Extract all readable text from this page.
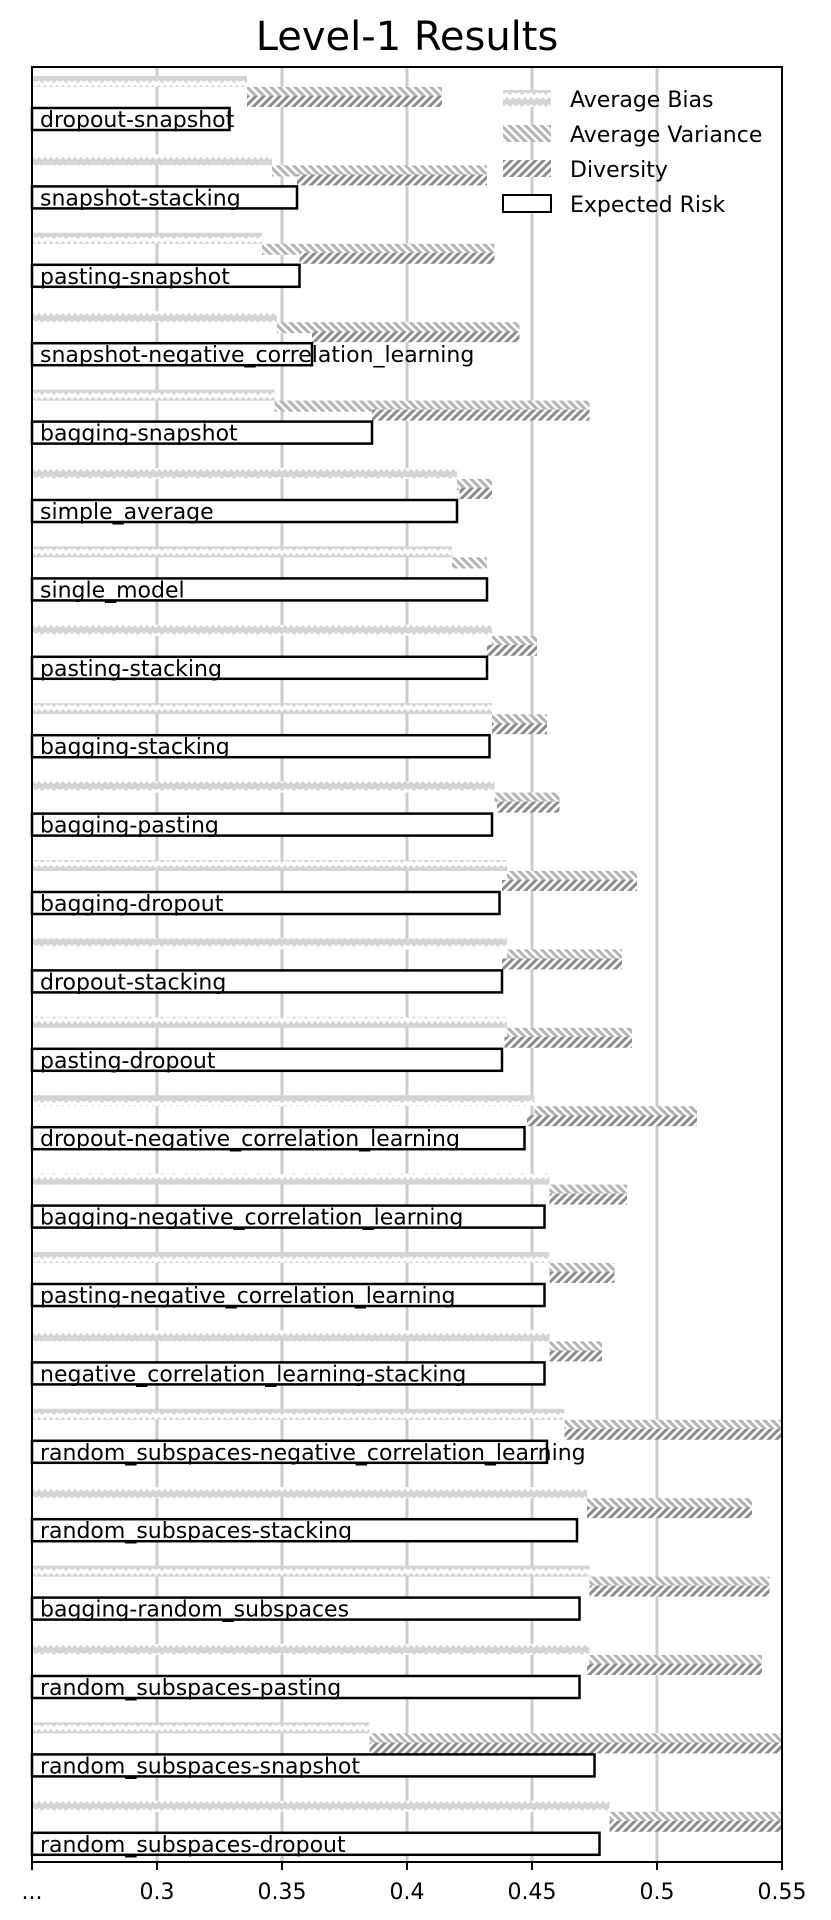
Level-1 Results
dropout-snapshot
snapshot-stacking
pasting-snapshot
snapshot-negative_correlation_learning
bagging-snapshot
simple_average
single_model
pasting-stacking
bagging-stacking
bagging-pasting
bagging-dropout
dropout-stacking
pasting-dropout
dropout-negative_correlation_learning
bagging-negative_correlation_learning
pasting-negative_correlation_learning
negative_correlation_learning-stacking
random_subspaces-negative_correlation_learning
random_subspaces-stacking
bagging-random_subspaces
random_subspaces-pasting
random_subspaces-snapshot
random_subspaces-dropout
...	0.3	0.35	0.4	0.45	0.5	0.55
Average Bias
Average Variance
Diversity
Expected Risk
